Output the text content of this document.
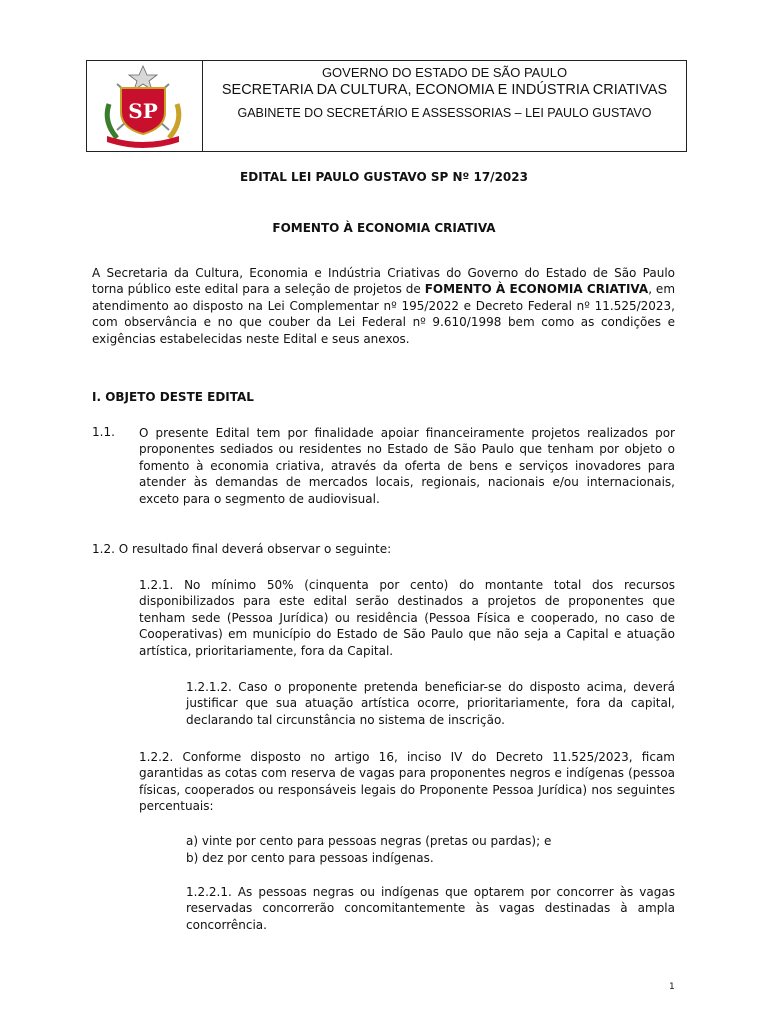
SP
GOVERNO DO ESTADO DE SÃO PAULO
SECRETARIA DA CULTURA, ECONOMIA E INDÚSTRIA CRIATIVAS
GABINETE DO SECRETÁRIO E ASSESSORIAS – LEI PAULO GUSTAVO
EDITAL LEI PAULO GUSTAVO SP Nº 17/2023
FOMENTO À ECONOMIA CRIATIVA

A Secretaria da Cultura, Economia e Indústria Criativas do Governo do Estado de São Paulo torna público este edital para a seleção de projetos de FOMENTO À ECONOMIA CRIATIVA, em atendimento ao disposto na Lei Complementar nº 195/2022 e Decreto Federal nº 11.525/2023, com observância e no que couber da Lei Federal nº 9.610/1998 bem como as condições e exigências estabelecidas neste Edital e seus anexos.

I. OBJETO DESTE EDITAL
1.1. O presente Edital tem por finalidade apoiar financeiramente projetos realizados por proponentes sediados ou residentes no Estado de São Paulo que tenham por objeto o fomento à economia criativa, através da oferta de bens e serviços inovadores para atender às demandas de mercados locais, regionais, nacionais e/ou internacionais, exceto para o segmento de audiovisual.

1.2. O resultado final deverá observar o seguinte:

1.2.1. No mínimo 50% (cinquenta por cento) do montante total dos recursos disponibilizados para este edital serão destinados a projetos de proponentes que tenham sede (Pessoa Jurídica) ou residência (Pessoa Física e cooperado, no caso de Cooperativas) em município do Estado de São Paulo que não seja a Capital e atuação artística, prioritariamente, fora da Capital.

1.2.1.2. Caso o proponente pretenda beneficiar-se do disposto acima, deverá justificar que sua atuação artística ocorre, prioritariamente, fora da capital, declarando tal circunstância no sistema de inscrição.

1.2.2. Conforme disposto no artigo 16, inciso IV do Decreto 11.525/2023, ficam garantidas as cotas com reserva de vagas para proponentes negros e indígenas (pessoa físicas, cooperados ou responsáveis legais do Proponente Pessoa Jurídica) nos seguintes percentuais:

a) vinte por cento para pessoas negras (pretas ou pardas); e
b) dez por cento para pessoas indígenas.

1.2.2.1. As pessoas negras ou indígenas que optarem por concorrer às vagas reservadas concorrerão concomitantemente às vagas destinadas à ampla concorrência.

1
